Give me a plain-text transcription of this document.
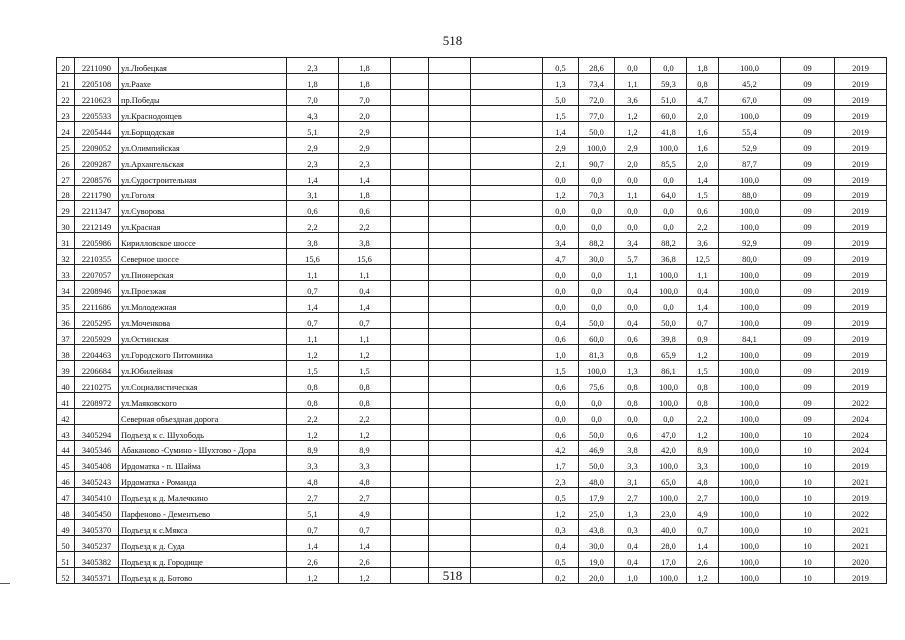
518
20	2211090	ул.Любецкая	2,3	1,8				0,5	28,6	0,0	0,0	1,8	100,0	09	2019
21	2205108	ул.Раахе	1,8	1,8				1,3	73,4	1,1	59,3	0,8	45,2	09	2019
22	2210623	пр.Победы	7,0	7,0				5,0	72,0	3,6	51,0	4,7	67,0	09	2019
23	2205533	ул.Краснодонцев	4,3	2,0				1,5	77,0	1,2	60,0	2,0	100,0	09	2019
24	2205444	ул.Борщодская	5,1	2,9				1,4	50,0	1,2	41,8	1,6	55,4	09	2019
25	2209052	ул.Олимпийская	2,9	2,9				2,9	100,0	2,9	100,0	1,6	52,9	09	2019
26	2209287	ул.Архангельская	2,3	2,3				2,1	90,7	2,0	85,5	2,0	87,7	09	2019
27	2208576	ул.Судостроительная	1,4	1,4				0,0	0,0	0,0	0,0	1,4	100,0	09	2019
28	2211790	ул.Гоголя	3,1	1,8				1,2	70,3	1,1	64,0	1,5	88,0	09	2019
29	2211347	ул.Суворова	0,6	0,6				0,0	0,0	0,0	0,0	0,6	100,0	09	2019
30	2212149	ул.Красная	2,2	2,2				0,0	0,0	0,0	0,0	2,2	100,0	09	2019
31	2205986	Кирилловское шоссе	3,8	3,8				3,4	88,2	3,4	88,2	3,6	92,9	09	2019
32	2210355	Северное шоссе	15,6	15,6				4,7	30,0	5,7	36,8	12,5	80,0	09	2019
33	2207057	ул.Пионерская	1,1	1,1				0,0	0,0	1,1	100,0	1,1	100,0	09	2019
34	2208946	ул.Проезжая	0,7	0,4				0,0	0,0	0,4	100,0	0,4	100,0	09	2019
35	2211686	ул.Молодежная	1,4	1,4				0,0	0,0	0,0	0,0	1,4	100,0	09	2019
36	2205295	ул.Моченкова	0,7	0,7				0,4	50,0	0,4	50,0	0,7	100,0	09	2019
37	2205929	ул.Остинская	1,1	1,1				0,6	60,0	0,6	39,8	0,9	84,1	09	2019
38	2204463	ул.Городского Питомника	1,2	1,2				1,0	81,3	0,8	65,9	1,2	100,0	09	2019
39	2206684	ул.Юбилейная	1,5	1,5				1,5	100,0	1,3	86,1	1,5	100,0	09	2019
40	2210275	ул.Социалистическая	0,8	0,8				0,6	75,6	0,8	100,0	0,8	100,0	09	2019
41	2208972	ул.Маяковского	0,8	0,8				0,0	0,0	0,8	100,0	0,8	100,0	09	2022
42		Северная объездная дорога	2,2	2,2				0,0	0,0	0,0	0,0	2,2	100,0	09	2024
43	3405294	Подъезд к с. Шухободь	1,2	1,2				0,6	50,0	0,6	47,0	1,2	100,0	10	2024
44	3405346	Абаканово -Сумино - Шухтово - Дора	8,9	8,9				4,2	46,9	3,8	42,0	8,9	100,0	10	2024
45	3405408	Ирдоматка - п. Шайма	3,3	3,3				1,7	50,0	3,3	100,0	3,3	100,0	10	2019
46	3405243	Ирдоматка - Романда	4,8	4,8				2,3	48,0	3,1	65,0	4,8	100,0	10	2021
47	3405410	Подъезд к д. Малечкино	2,7	2,7				0,5	17,9	2,7	100,0	2,7	100,0	10	2019
48	3405450	Парфеново - Дементьево	5,1	4,9				1,2	25,0	1,3	23,0	4,9	100,0	10	2022
49	3405370	Подъезд к с.Мякса	0,7	0,7				0,3	43,8	0,3	40,0	0,7	100,0	10	2021
50	3405237	Подъезд к д. Суда	1,4	1,4				0,4	30,0	0,4	28,0	1,4	100,0	10	2021
51	3405382	Подъезд к д. Городище	2,6	2,6				0,5	19,0	0,4	17,0	2,6	100,0	10	2020
52	3405371	Подъезд к д. Ботово	1,2	1,2				0,2	20,0	1,0	100,0	1,2	100,0	10	2019
518
